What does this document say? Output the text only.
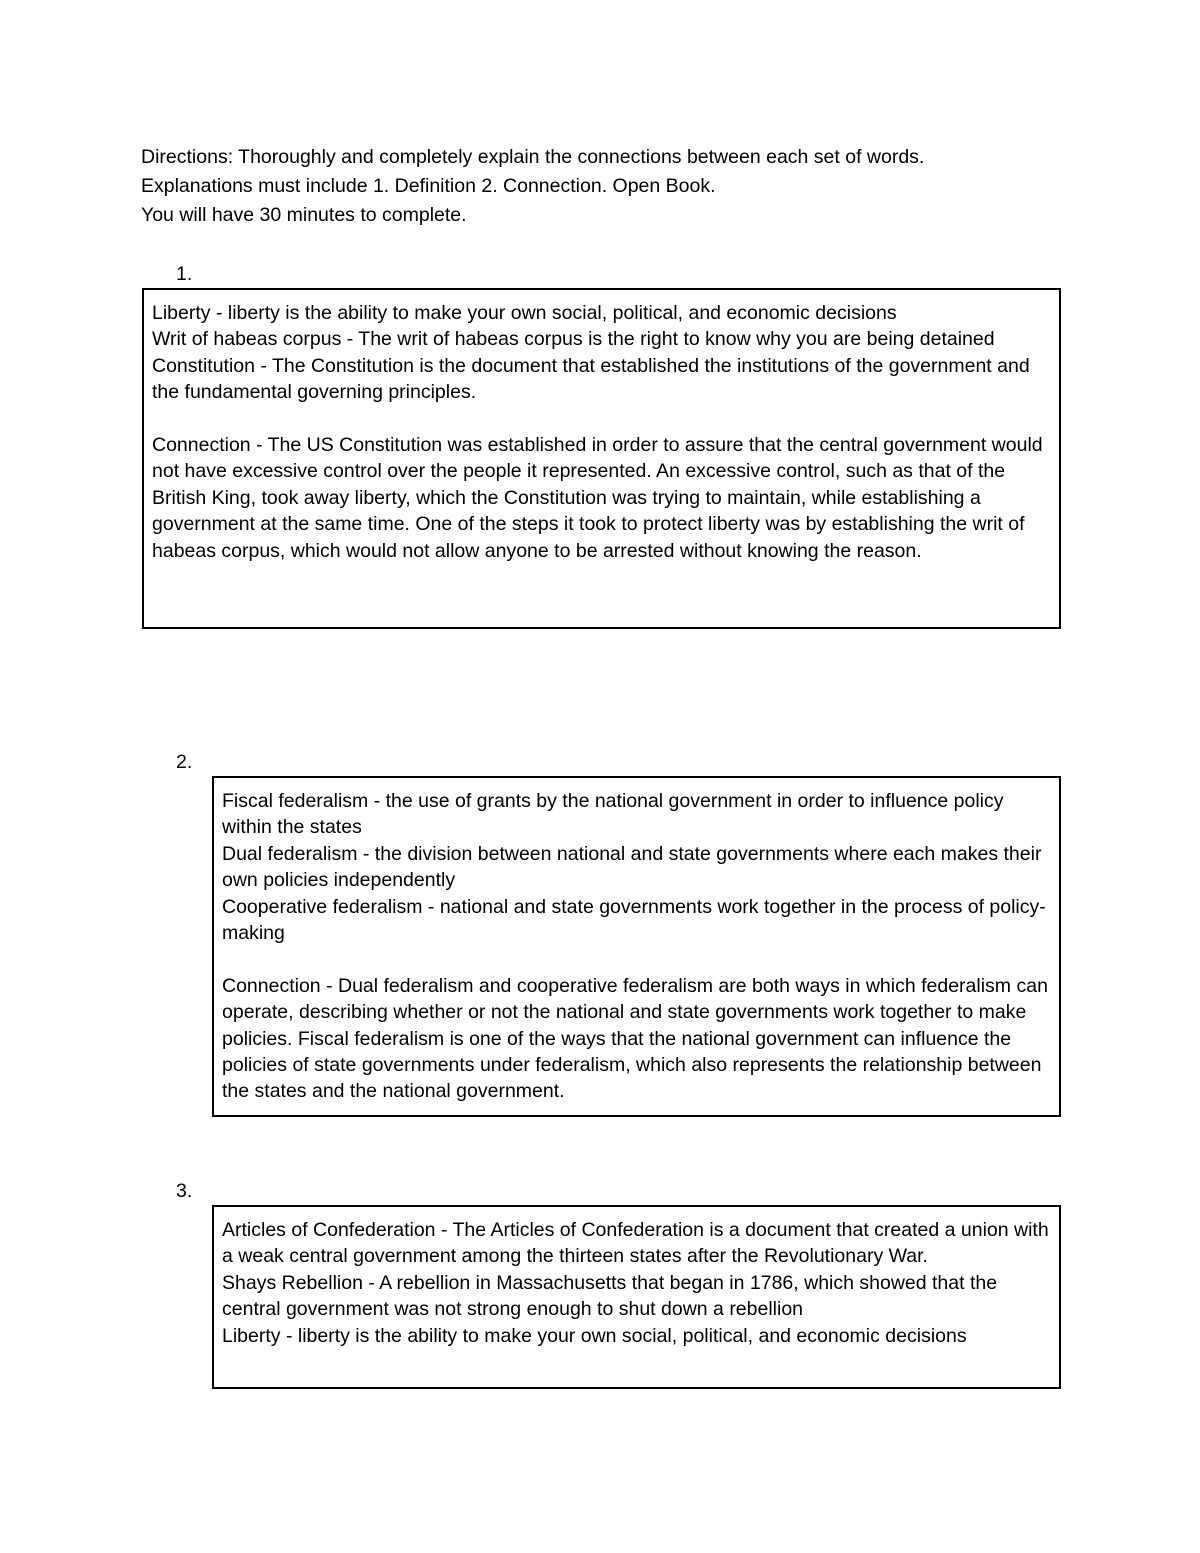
Directions: Thoroughly and completely explain the connections between each set of words.
Explanations must include 1. Definition 2. Connection. Open Book.
You will have 30 minutes to complete.
1.

Liberty - liberty is the ability to make your own social, political, and economic decisions

Writ of habeas corpus - The writ of habeas corpus is the right to know why you are being detained

Constitution - The Constitution is the document that established the institutions of the government and the fundamental governing principles.

Connection - The US Constitution was established in order to assure that the central government would not have excessive control over the people it represented. An excessive control, such as that of the British King, took away liberty, which the Constitution was trying to maintain, while establishing a government at the same time. One of the steps it took to protect liberty was by establishing the writ of habeas corpus, which would not allow anyone to be arrested without knowing the reason.

2.

Fiscal federalism - the use of grants by the national government in order to influence policy within the states

Dual federalism - the division between national and state governments where each makes their own policies independently

Cooperative federalism - national and state governments work together in the process of policy-making

Connection - Dual federalism and cooperative federalism are both ways in which federalism can operate, describing whether or not the national and state governments work together to make policies. Fiscal federalism is one of the ways that the national government can influence the policies of state governments under federalism, which also represents the relationship between the states and the national government.

3.

Articles of Confederation - The Articles of Confederation is a document that created a union with a weak central government among the thirteen states after the Revolutionary War.

Shays Rebellion - A rebellion in Massachusetts that began in 1786, which showed that the central government was not strong enough to shut down a rebellion

Liberty - liberty is the ability to make your own social, political, and economic decisions
